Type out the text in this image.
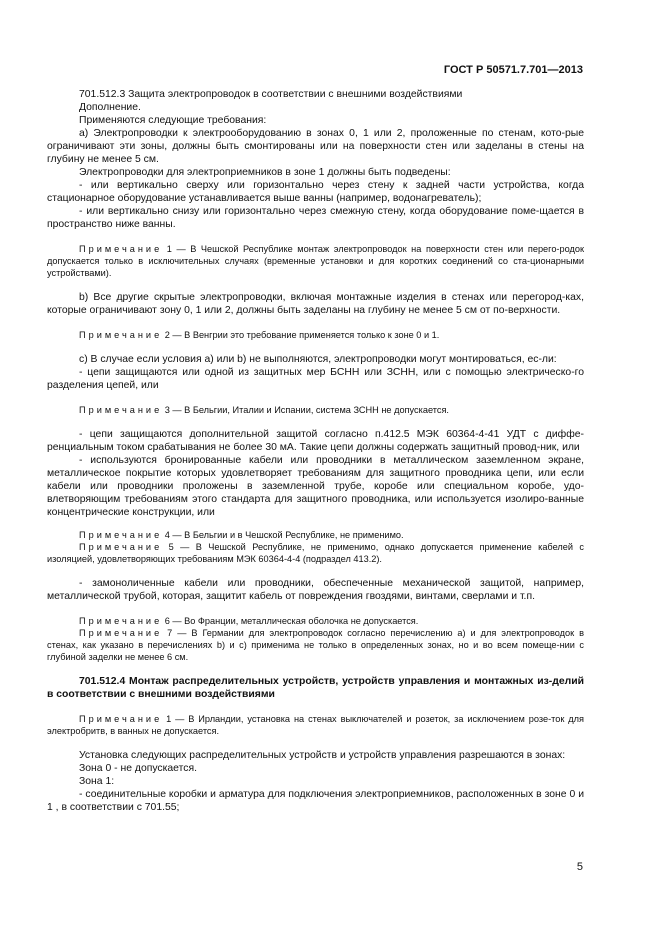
ГОСТ Р 50571.7.701—2013

701.512.3 Защита электропроводок в соответствии с внешними воздействиями

Дополнение.

Применяются следующие требования:

a) Электропроводки к электрооборудованию в зонах 0, 1 или 2, проложенные по стенам, кото-рые ограничивают эти зоны, должны быть смонтированы или на поверхности стен или заделаны в стены на глубину не менее 5 см.

Электропроводки для электроприемников в зоне 1 должны быть подведены:

- или вертикально сверху или горизонтально через стену к задней части устройства, когда стационарное оборудование устанавливается выше ванны (например, водонагреватель);

- или вертикально снизу или горизонтально через смежную стену, когда оборудование поме-щается в пространство ниже ванны.

Примечание 1 — В Чешской Республике монтаж электропроводок на поверхности стен или перего-родок допускается только в исключительных случаях (временные установки и для коротких соединений со ста-ционарными устройствами).

b) Все другие скрытые электропроводки, включая монтажные изделия в стенах или перегород-ках, которые ограничивают зону 0, 1 или 2, должны быть заделаны на глубину не менее 5 см от по-верхности.

Примечание 2 — В Венгрии это требование применяется только к зоне 0 и 1.

c) В случае если условия a) или b) не выполняются, электропроводки могут монтироваться, ес-ли:

- цепи защищаются или одной из защитных мер БСНН или ЗСНН, или с помощью электрическо-го разделения цепей, или

Примечание 3 — В Бельгии, Италии и Испании, система ЗСНН не допускается.

- цепи защищаются дополнительной защитой согласно п.412.5 МЭК 60364-4-41 УДТ с диффе-ренциальным током срабатывания не более 30 мА. Такие цепи должны содержать защитный провод-ник, или

- используются бронированные кабели или проводники в металлическом заземленном экране, металлическое покрытие которых удовлетворяет требованиям для защитного проводника цепи, или если кабели или проводники проложены в заземленной трубе, коробе или специальном коробе, удо-влетворяющим требованиям этого стандарта для защитного проводника, или используется изолиро-ванные концентрические конструкции, или

Примечание 4 — В Бельгии и в Чешской Республике, не применимо.

Примечание 5 — В Чешской Республике, не применимо, однако допускается применение кабелей с изоляцией, удовлетворяющих требованиям МЭК 60364-4-4 (подраздел 413.2).

- замоноличенные кабели или проводники, обеспеченные механической защитой, например, металлической трубой, которая, защитит кабель от повреждения гвоздями, винтами, сверлами и т.п.

Примечание 6 — Во Франции, металлическая оболочка не допускается.

Примечание 7 — В Германии для электропроводок согласно перечислению a) и для электропроводок в стенах, как указано в перечислениях b) и c) применима не только в определенных зонах, но и во всем помеще-нии с глубиной заделки не менее 6 см.

701.512.4 Монтаж распределительных устройств, устройств управления и монтажных из-делий в соответствии с внешними воздействиями

Примечание 1 — В Ирландии, установка на стенах выключателей и розеток, за исключением розе-ток для электробритв, в ванных не допускается.

Установка следующих распределительных устройств и устройств управления разрешаются в зонах:

Зона 0 - не допускается.

Зона 1:

- соединительные коробки и арматура для подключения электроприемников, расположенных в зоне 0 и 1 , в соответствии с 701.55;

5
